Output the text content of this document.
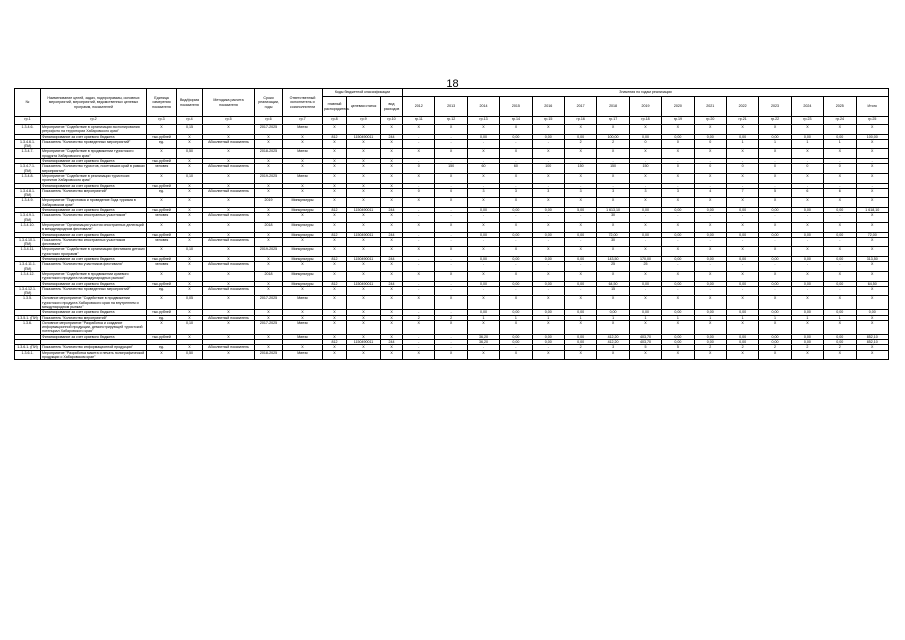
18
№	Наименование целей, задач, подпрограммы, основных мероприятий, мероприятий, ведомственных целевых программ, показателей	Единица измерения показателя	Вид/форма показателя	Методика расчета показателя	Сроки реализации, годы	Ответственный исполнитель и соисполнители	Коды бюджетной классификации			Значения по годам реализации														
							главный распорядитель	целевая статья	вид расходов	2012	2013	2014	2015	2016	2017	2018	2019	2020	2021	2022	2023	2024	2025	Итого
гр.1	гр.2	гр.3	гр.4	гр.5	гр.6	гр.7	гр.8	гр.9	гр.10	гр.11	гр.12	гр.13	гр.14	гр.15	гр.16	гр.17	гр.18	гр.19	гр.20	гр.21	гр.22	гр.23	гр.24	гр.25
1.3.4.6.	Мероприятие "Содействие в организации экспонирования ретрофото на территории Хабаровского края"	X	0,15	X	2017-2025	Минэк	X	X	X	X	X	X	X	X	X	X	X	X	X	X	X	X	X	X
	Финансирование за счет краевого бюджета	тыс.рублей	X	X	X	X	812	1150490011	244	-	-	0,00	0,00	0,00	0,00	100,00	0,00	0,00	0,00	0,00	0,00	0,00	0,00	100,00
1.3.4.6.1. (ПИ)	Показатель "Количество проведенных мероприятий"	ед.	X	Абсолютный показатель	X	X	X	X	X	-	-	-	-	-	2	2	0	0	0	1	1	1	1	X
1.3.4.7.	Мероприятие "Содействие в продвижении туристского продукта Хабаровского края"	X	0,50	X	2018-2025	Минэк	X	X	X	X	X	X	X	X	X	X	X	X	X	X	X	X	X	X
	Финансирование за счет краевого бюджета	тыс.рублей	X	X	X	X	X	X	X	-	-	-	-	-	-	-	-	-	-	-	-	-	-	-
1.3.4.7.1. (ПИ)	Показатель "Количество туристов, посетивших край в рамках мероприятия"	человек	X	Абсолютный показатель	X	X	X	X	X	0	150	60	60	100	150	150	150	0	0	0	0	0	0	X
1.3.4.8.	Мероприятие "Содействие в реализации туристских проектов Хабаровского края"	X	0,10	X	2019-2025	Минэк	X	X	X	X	X	X	X	X	X	X	X	X	X	X	X	X	X	X
	Финансирование за счет краевого бюджета	тыс.рублей	X	X	X	X	X	X	X	-	-	-	-	-	-	-	-	-	-	-	-	-	-	-
1.3.4.8.1. (ПИ)	Показатель "Количество мероприятий"	ед.	X	Абсолютный показатель	X	X	X	X	X	0	0	3	3	3	3	3	3	3	4	7	5	6	6	X
1.3.4.9.	Мероприятие "Подготовка и проведение Года туризма в Хабаровском крае"	X	X	X	2019	Минкультуры	X	X	X	X	X	X	X	X	X	X	X	X	X	X	X	X	X	X
	Финансирование за счет краевого бюджета	тыс.рублей	X	X	X	Минкультуры	812	1150490011	244	-	-	0,00	0,00	0,00	5,00	1 613,10	0,00	0,00	0,00	0,00	0,00	0,00	0,00	1 618,10
1.3.4.9.1. (ПИ)	Показатель "Количество иностранных участников"	человек	X	Абсолютный показатель	X	X	X	X	X	-	-	-	-	-	-	30	-	-	-	-	-	-	-	X
1.3.4.10.	Мероприятие "Организация участия иностранных делегаций в международном фестивале"	X	X	X	2018	Минкультуры	X	X	X	X	X	X	X	X	X	X	X	X	X	X	X	X	X	X
	Финансирование за счет краевого бюджета	тыс.рублей	X	X	X	Минкультуры	812	1150490011	244	-	-	0,00	0,00	0,00	0,00	72,00	0,00	0,00	0,00	0,00	0,00	0,00	0,00	72,00
1.3.4.10.1. (ПИ)	Показатель "Количество иностранных участников фестиваля"	человек	X	Абсолютный показатель	X	X	X	X	X	-	-	-	-	-	-	30	-	-	-	-	-	-	-	X
1.3.4.11.	Мероприятие "Содействие в организации фестиваля детских туристских программ"	X	0,10	X	2019-2025	Минкультуры	X	X	X	X	X	X	X	X	X	X	X	X	X	X	X	X	X	X
	Финансирование за счет краевого бюджета	тыс.рублей	X	X	X	Минкультуры	812	1150490011	244	-	-	0,00	0,00	0,00	0,00	143,50	170,00	0,00	0,00	0,00	0,00	0,00	0,00	313,50
1.3.4.11.1. (ПИ)	Показатель "Количество участников фестиваля"	человек	X	Абсолютный показатель	X	X	X	X	X	-	-	-	-	-	-	25	25	-	-	-	-	-	-	X
1.3.4.12.	Мероприятие "Содействие в продвижении краевого туристского продукта на международных рынках"	X	X	X	2018	Минкультуры	X	X	X	X	X	X	X	X	X	X	X	X	X	X	X	X	X	X
	Финансирование за счет краевого бюджета	тыс.рублей	X	X	X	Минкультуры	812	1150490011	244	-	-	0,00	0,00	0,00	0,00	64,50	0,00	0,00	0,00	0,00	0,00	0,00	0,00	64,50
1.3.4.12.1. (ПИ)	Показатель "Количество проведенных мероприятий"	ед.	X	Абсолютный показатель	X	X	X	X	X	-	-	-	-	-	-	15	-	-	-	-	-	-	-	X
1.3.5.	Основное мероприятие "Содействие в продвижении туристского продукта Хабаровского края на внутреннем и международном рынках"	X	0,05	X	2017-2025	Минэк	X	X	X	X	X	X	X	X	X	X	X	X	X	X	X	X	X	X
	Финансирование за счет краевого бюджета	тыс.рублей	X	X	X	X	X	X	X	-	-	0,00	0,00	0,00	0,00	0,00	0,00	0,00	0,00	0,00	0,00	0,00	0,00	0,00
1.3.5.1. (ПИ)	Показатель "Количество мероприятий"	ед.	X	Абсолютный показатель	X	X	X	X	X	2	2	1	1	1	1	1	1	1	1	1	1	1	1	X
1.3.6.	Основное мероприятие "Разработка и создание информационной продукции, демонстрирующей туристский потенциал Хабаровского края"	X	0,10	X	2017-2025	Минэк	X	X	X	X	X	X	X	X	X	X	X	X	X	X	X	X	X	X
	Финансирование за счет краевого бюджета	тыс.рублей	X	X	X	Минэк	X	X	X	-	-	36,20	0,00	0,00	0,00	412,20	403,70	0,00	0,00	0,00	0,00	0,00	0,00	852,10
							812	1150490011	244	-	-	36,20	0,00	0,00	0,00	412,20	403,70	0,00	0,00	0,00	0,00	0,00	0,00	852,10
1.3.6.1. (ПИ)	Показатель "Количество информационной продукции"	ед.	X	Абсолютный показатель	X	X	X	X	X	-	-	-	-	-	2	3	5	5	2	2	2	2	2	X
1.3.6.1.	Мероприятие "Разработка макета и печать полиграфической продукции о Хабаровском крае"	X	0,50	X	2018-2025	Минэк	X	X	X	X	X	X	X	X	X	X	X	X	X	X	X	X	X	X
